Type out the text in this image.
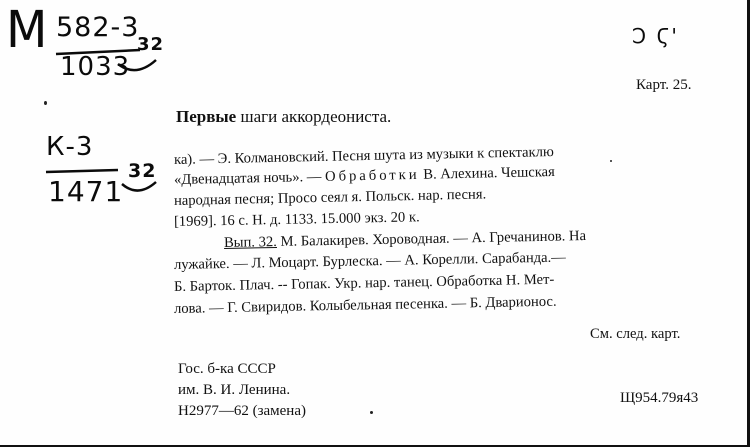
М 582-3
1033
32
К-3
1471
32
Ͻ Ϛ'
Карт. 25.
Первые шаги аккордеониста.
ка). — Э. Колмановский. Песня шута из музыки к спектаклю
«Двенадцатая ночь». — Обработки В. Алехина. Чешская
народная песня; Просо сеял я. Польск. нар. песня.
[1969]. 16 с. Н. д. 1133. 15.000 экз. 20 к.
Вып. 32. М. Балакирев. Хороводная. — А. Гречанинов. На
лужайке. — Л. Моцарт. Бурлеска. — А. Корелли. Сарабанда.—
Б. Барток. Плач. -- Гопак. Укр. нар. танец. Обработка Н. Мет-
лова. — Г. Свиридов. Колыбельная песенка. — Б. Дварионос.
См. след. карт.
Гос. б-ка СССР
им. В. И. Ленина.
Н2977—62 (замена)
Щ954.79я43
